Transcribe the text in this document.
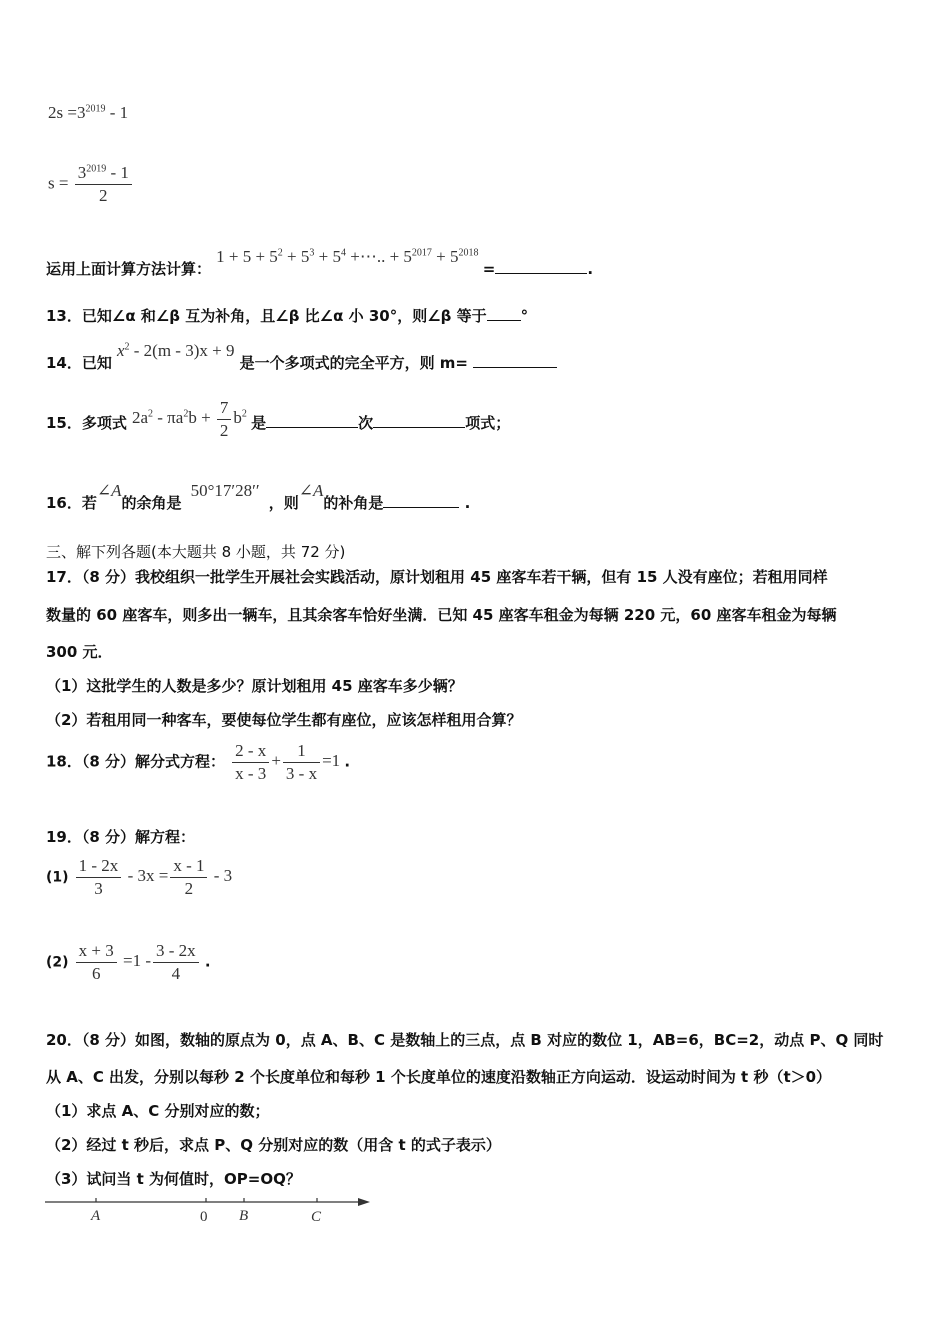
$2s =3^{2019} - 1$
$s = \frac{3^{2019} - 1}{2}$
运用上面计算方法计算： $1 + 5 + 5^2 + 5^3 + 5^4$ +⋯.. + $5^{2017} + 5^{2018}$ =	.
13．已知∠α 和∠β 互为补角，且∠β 比∠α 小 30°，则∠β 等于 °
14．已知 $x^2 - 2(m - 3)x + 9$ 是一个多项式的完全平方，则 m=
15．多项式 $2a^2 - \pi a^2b + \frac{7}{2} b^2$ 是	次	项式；
16．若∠A的余角是 50°17′28′′ ，则∠A的补角是	.
三、解下列各题(本大题共 8 小题，共 72 分)
17．（8 分）我校组织一批学生开展社会实践活动，原计划租用 45 座客车若干辆，但有 15 人没有座位；若租用同样
数量的 60 座客车，则多出一辆车，且其余客车恰好坐满．已知 45 座客车租金为每辆 220 元，60 座客车租金为每辆
300 元．
（1）这批学生的人数是多少？原计划租用 45 座客车多少辆？
（2）若租用同一种客车，要使每位学生都有座位，应该怎样租用合算？
18．（8 分）解分式方程： $\frac{2 - x}{x - 3} + \frac{1}{3 - x} =1$ .
19．（8 分）解方程：
$(1) \frac{1 - 2x}{3} - 3x = \frac{x - 1}{2} - 3$
$(2) \frac{x + 3}{6} =1 - \frac{3 - 2x}{4}$ .
20．（8 分）如图，数轴的原点为 0，点 A、B、C 是数轴上的三点，点 B 对应的数位 1，AB=6，BC=2，动点 P、Q 同时
从 A、C 出发，分别以每秒 2 个长度单位和每秒 1 个长度单位的速度沿数轴正方向运动．设运动时间为 t 秒（t＞0）
（1）求点 A、C 分别对应的数；
（2）经过 t 秒后，求点 P、Q 分别对应的数（用含 t 的式子表示）
（3）试问当 t 为何值时，OP=OQ？
A	0 B	C
